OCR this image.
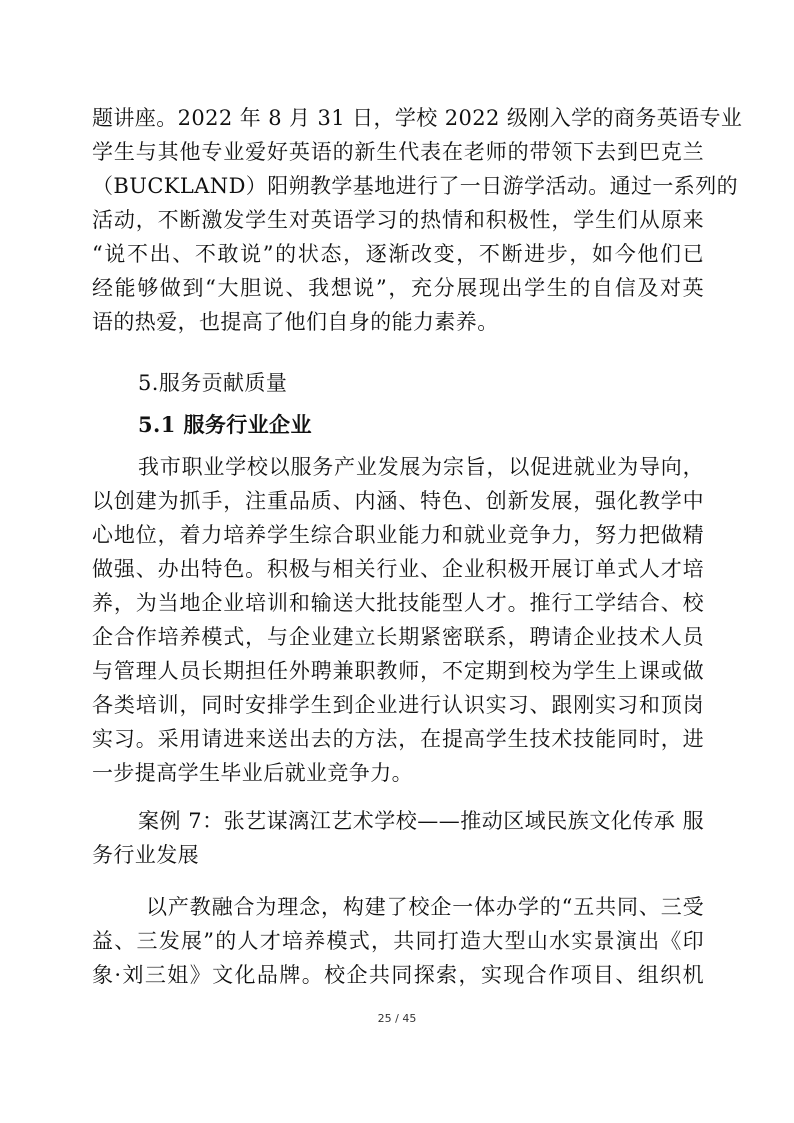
题讲座。2022 年 8 月 31 日，学校 2022 级刚入学的商务英语专业
学生与其他专业爱好英语的新生代表在老师的带领下去到巴克兰
（BUCKLAND）阳朔教学基地进行了一日游学活动。通过一系列的
活动，不断激发学生对英语学习的热情和积极性，学生们从原来
“说不出、不敢说”的状态，逐渐改变，不断进步，如今他们已
经能够做到“大胆说、我想说”，充分展现出学生的自信及对英
语的热爱，也提高了他们自身的能力素养。
5.服务贡献质量
5.1 服务行业企业
我市职业学校以服务产业发展为宗旨，以促进就业为导向，
以创建为抓手，注重品质、内涵、特色、创新发展，强化教学中
心地位，着力培养学生综合职业能力和就业竞争力，努力把做精
做强、办出特色。积极与相关行业、企业积极开展订单式人才培
养，为当地企业培训和输送大批技能型人才。推行工学结合、校
企合作培养模式，与企业建立长期紧密联系，聘请企业技术人员
与管理人员长期担任外聘兼职教师，不定期到校为学生上课或做
各类培训，同时安排学生到企业进行认识实习、跟刚实习和顶岗
实习。采用请进来送出去的方法，在提高学生技术技能同时，进
一步提高学生毕业后就业竞争力。
案例 7：张艺谋漓江艺术学校——推动区域民族文化传承 服
务行业发展
以产教融合为理念，构建了校企一体办学的“五共同、三受
益、三发展”的人才培养模式，共同打造大型山水实景演出《印
象·刘三姐》文化品牌。校企共同探索，实现合作项目、组织机
25 / 45
